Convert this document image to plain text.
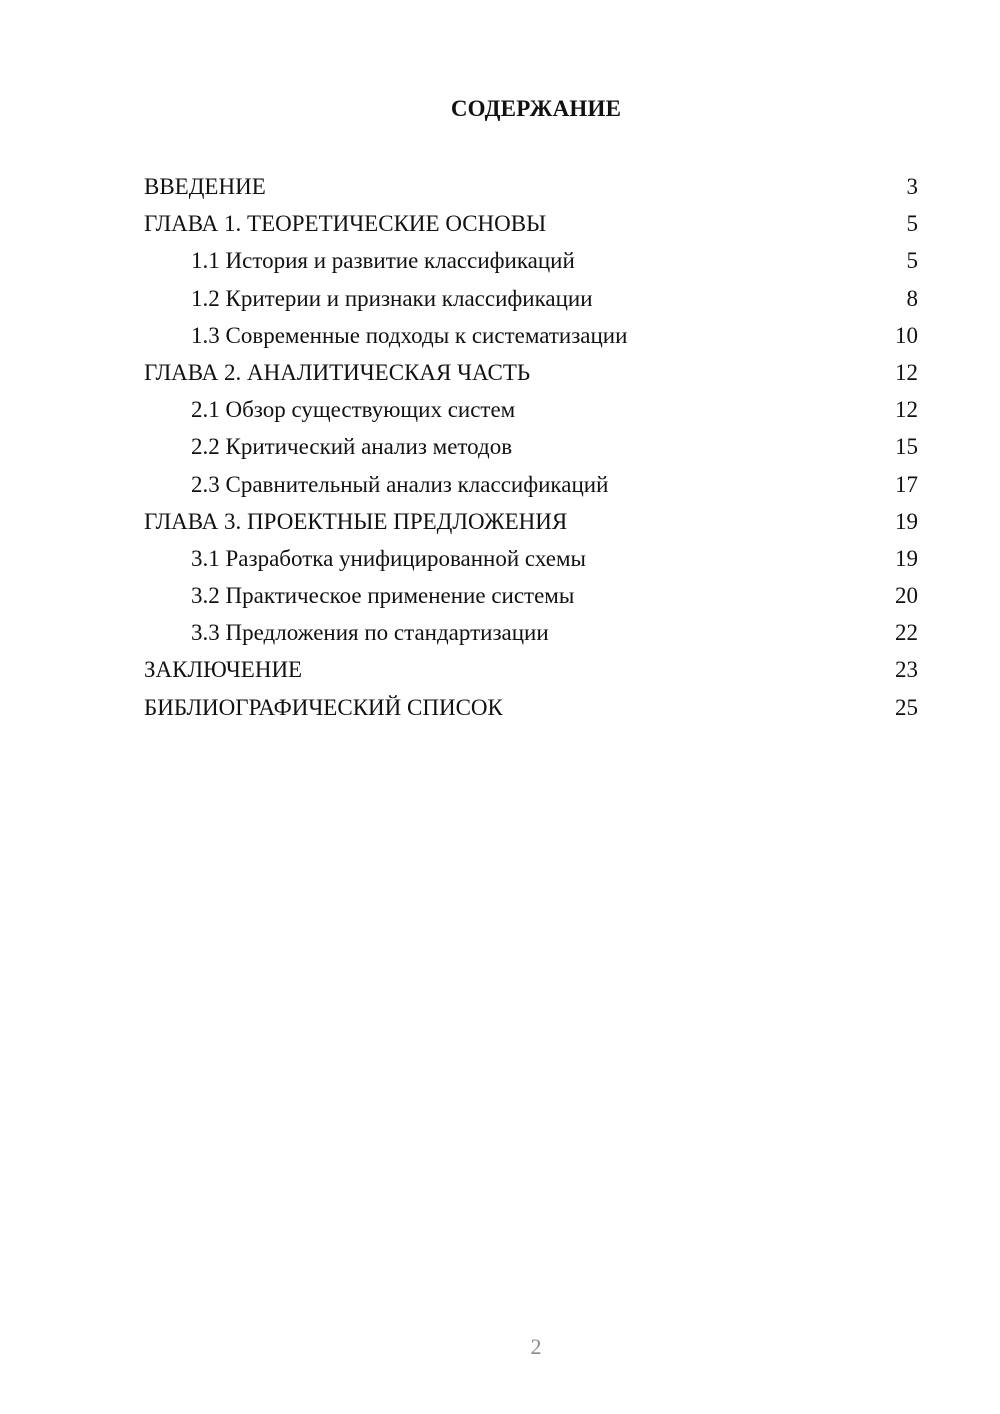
СОДЕРЖАНИЕ
ВВЕДЕНИЕ	3
ГЛАВА 1. ТЕОРЕТИЧЕСКИЕ ОСНОВЫ	5
1.1 История и развитие классификаций	5
1.2 Критерии и признаки классификации	8
1.3 Современные подходы к систематизации	10
ГЛАВА 2. АНАЛИТИЧЕСКАЯ ЧАСТЬ	12
2.1 Обзор существующих систем	12
2.2 Критический анализ методов	15
2.3 Сравнительный анализ классификаций	17
ГЛАВА 3. ПРОЕКТНЫЕ ПРЕДЛОЖЕНИЯ	19
3.1 Разработка унифицированной схемы	19
3.2 Практическое применение системы	20
3.3 Предложения по стандартизации	22
ЗАКЛЮЧЕНИЕ	23
БИБЛИОГРАФИЧЕСКИЙ СПИСОК	25
2
